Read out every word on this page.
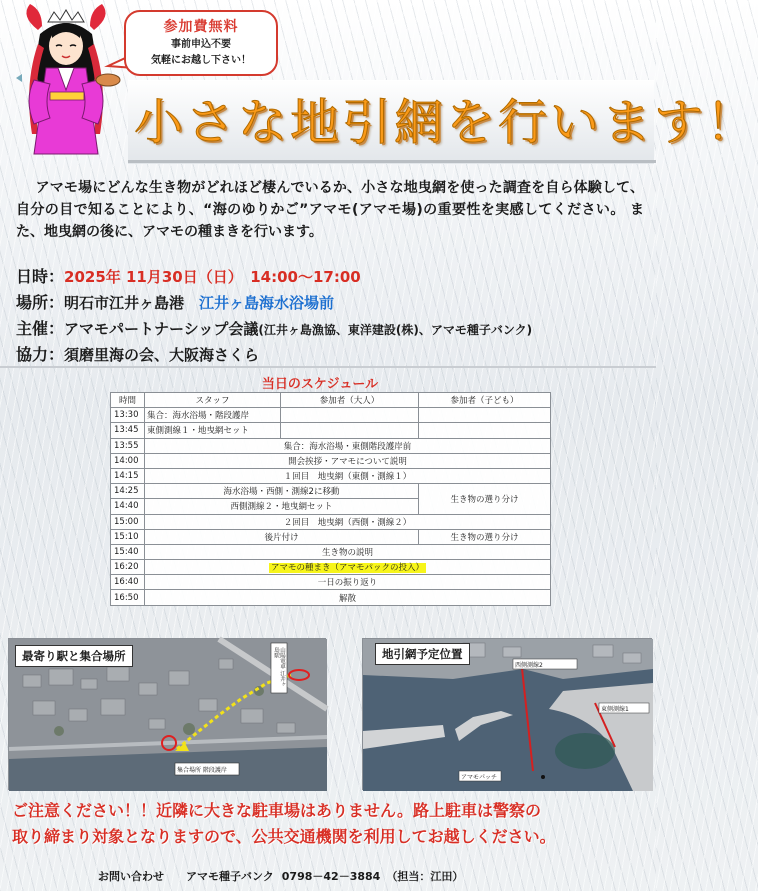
参加費無料
事前申込不要
気軽にお越し下さい！
小さな地引網を行います！
アマモ場にどんな生き物がどれほど棲んでいるか、小さな地曳網を使った調査を自ら体験して、自分の目で知ることにより、“海のゆりかご”アマモ(アマモ場)の重要性を実感してください。 また、地曳網の後に、アマモの種まきを行います。
日時：2025年 11月30日（日）　14:00～17:00
場所：明石市江井ヶ島港　江井ヶ島海水浴場前
主催：アマモパートナーシップ会議(江井ヶ島漁協、東洋建設(株)、アマモ種子バンク)
協力：須磨里海の会、大阪海さくら
当日のスケジュール
時間	スタッフ	参加者（大人）	参加者（子ども）
13:30	集合：海水浴場・階段護岸		
13:45	東側測線１・地曳網セット		
13:55	集合：海水浴場・東側階段護岸前		
14:00	開会挨拶・アマモについて説明		
14:15	１回目　地曳網（東側・測線１）		
14:25	海水浴場・西側・測線2に移動		生き物の選り分け
14:40	西側測線２・地曳網セット		
15:00	２回目　地曳網（西側・測線２）		
15:10	後片付け		生き物の選り分け
15:40	生き物の説明		
16:20	アマモの種まき（アマモパックの投入）		
16:40	一日の振り返り		
16:50	解散		
最寄り駅と集合場所	山陽電車 江井ヶ島駅
集合場所 階段護岸
地引網予定位置
西側測線2
東側測線1
アマモパッチ
ご注意ください！！近隣に大きな駐車場はありません。路上駐車は警察の
取り締まり対象となりますので、公共交通機関を利用してお越しください。
お問い合わせ アマモ種子バンク 0798－42－3884 （担当：江田）
